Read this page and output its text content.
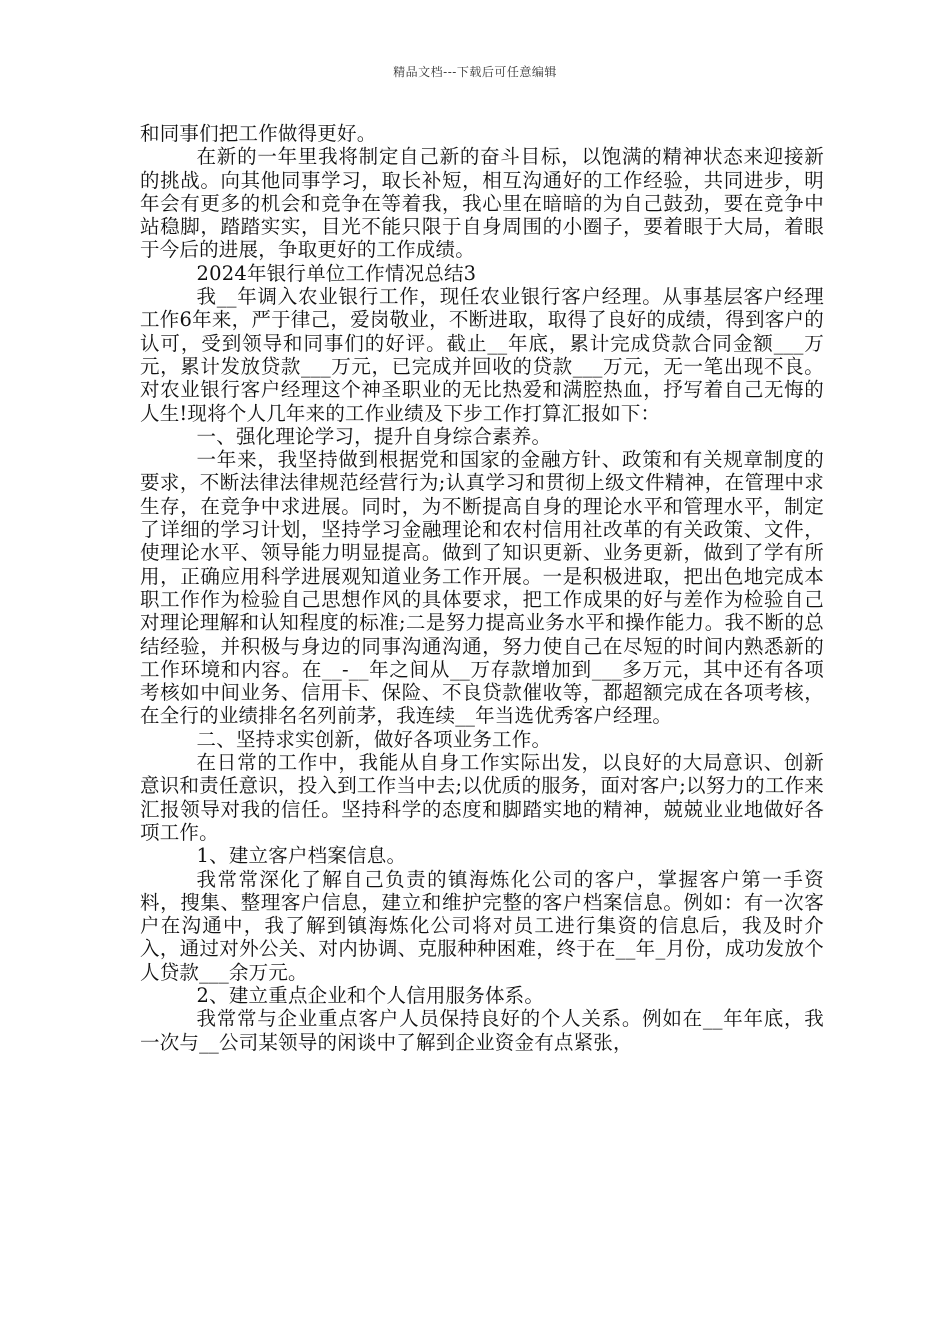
精品文档---下载后可任意编辑

和同事们把工作做得更好。

在新的一年里我将制定自己新的奋斗目标，以饱满的精神状态来迎接新的挑战。向其他同事学习，取长补短，相互沟通好的工作经验，共同进步，明年会有更多的机会和竞争在等着我，我心里在暗暗的为自己鼓劲，要在竞争中站稳脚，踏踏实实，目光不能只限于自身周围的小圈子，要着眼于大局，着眼于今后的进展，争取更好的工作成绩。

2024年银行单位工作情况总结3

我__年调入农业银行工作，现任农业银行客户经理。从事基层客户经理工作6年来，严于律己，爱岗敬业，不断进取，取得了良好的成绩，得到客户的认可，受到领导和同事们的好评。截止__年底，累计完成贷款合同金额___万元，累计发放贷款___万元，已完成并回收的贷款___万元，无一笔出现不良。对农业银行客户经理这个神圣职业的无比热爱和满腔热血，抒写着自己无悔的人生!现将个人几年来的工作业绩及下步工作打算汇报如下：

一、强化理论学习，提升自身综合素养。

一年来，我坚持做到根据党和国家的金融方针、政策和有关规章制度的要求，不断法律法律规范经营行为;认真学习和贯彻上级文件精神，在管理中求生存，在竞争中求进展。同时，为不断提高自身的理论水平和管理水平，制定了详细的学习计划，坚持学习金融理论和农村信用社改革的有关政策、文件，使理论水平、领导能力明显提高。做到了知识更新、业务更新，做到了学有所用，正确应用科学进展观知道业务工作开展。一是积极进取，把出色地完成本职工作作为检验自己思想作风的具体要求，把工作成果的好与差作为检验自己对理论理解和认知程度的标准;二是努力提高业务水平和操作能力。我不断的总结经验，并积极与身边的同事沟通沟通，努力使自己在尽短的时间内熟悉新的工作环境和内容。在__-__年之间从__万存款增加到___多万元，其中还有各项考核如中间业务、信用卡、保险、不良贷款催收等，都超额完成在各项考核，在全行的业绩排名名列前茅，我连续__年当选优秀客户经理。

二、坚持求实创新，做好各项业务工作。

在日常的工作中，我能从自身工作实际出发，以良好的大局意识、创新意识和责任意识，投入到工作当中去;以优质的服务，面对客户;以努力的工作来汇报领导对我的信任。坚持科学的态度和脚踏实地的精神，兢兢业业地做好各项工作。

1、建立客户档案信息。

我常常深化了解自己负责的镇海炼化公司的客户，掌握客户第一手资料，搜集、整理客户信息，建立和维护完整的客户档案信息。例如：有一次客户在沟通中，我了解到镇海炼化公司将对员工进行集资的信息后，我及时介入，通过对外公关、对内协调、克服种种困难，终于在__年_月份，成功发放个人贷款___余万元。

2、建立重点企业和个人信用服务体系。

我常常与企业重点客户人员保持良好的个人关系。例如在__年年底，我一次与__公司某领导的闲谈中了解到企业资金有点紧张，
